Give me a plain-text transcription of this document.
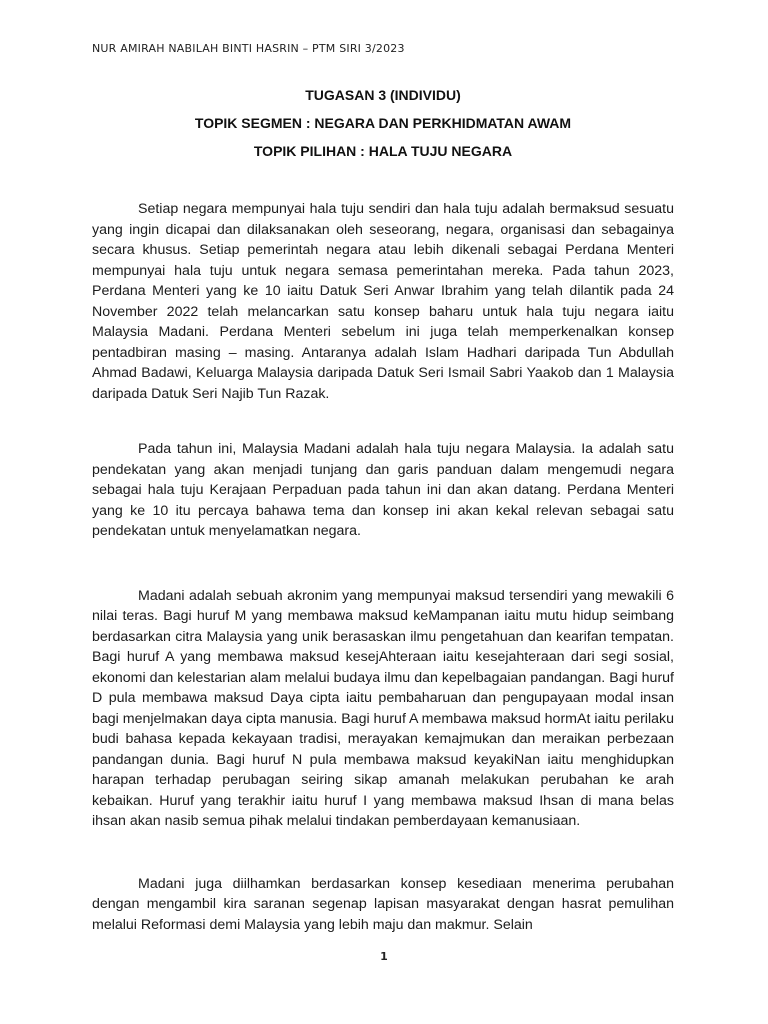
NUR AMIRAH NABILAH BINTI HASRIN – PTM SIRI 3/2023
TUGASAN 3 (INDIVIDU)
TOPIK SEGMEN : NEGARA DAN PERKHIDMATAN AWAM
TOPIK PILIHAN : HALA TUJU NEGARA

Setiap negara mempunyai hala tuju sendiri dan hala tuju adalah bermaksud sesuatu yang ingin dicapai dan dilaksanakan oleh seseorang, negara, organisasi dan sebagainya secara khusus. Setiap pemerintah negara atau lebih dikenali sebagai Perdana Menteri mempunyai hala tuju untuk negara semasa pemerintahan mereka. Pada tahun 2023, Perdana Menteri yang ke 10 iaitu Datuk Seri Anwar Ibrahim yang telah dilantik pada 24 November 2022 telah melancarkan satu konsep baharu untuk hala tuju negara iaitu Malaysia Madani. Perdana Menteri sebelum ini juga telah memperkenalkan konsep pentadbiran masing – masing. Antaranya adalah Islam Hadhari daripada Tun Abdullah Ahmad Badawi, Keluarga Malaysia daripada Datuk Seri Ismail Sabri Yaakob dan 1 Malaysia daripada Datuk Seri Najib Tun Razak.

Pada tahun ini, Malaysia Madani adalah hala tuju negara Malaysia. Ia adalah satu pendekatan yang akan menjadi tunjang dan garis panduan dalam mengemudi negara sebagai hala tuju Kerajaan Perpaduan pada tahun ini dan akan datang. Perdana Menteri yang ke 10 itu percaya bahawa tema dan konsep ini akan kekal relevan sebagai satu pendekatan untuk menyelamatkan negara.

Madani adalah sebuah akronim yang mempunyai maksud tersendiri yang mewakili 6 nilai teras. Bagi huruf M yang membawa maksud keMampanan iaitu mutu hidup seimbang berdasarkan citra Malaysia yang unik berasaskan ilmu pengetahuan dan kearifan tempatan. Bagi huruf A yang membawa maksud kesejAhteraan iaitu kesejahteraan dari segi sosial, ekonomi dan kelestarian alam melalui budaya ilmu dan kepelbagaian pandangan. Bagi huruf D pula membawa maksud Daya cipta iaitu pembaharuan dan pengupayaan modal insan bagi menjelmakan daya cipta manusia. Bagi huruf A membawa maksud hormAt iaitu perilaku budi bahasa kepada kekayaan tradisi, merayakan kemajmukan dan meraikan perbezaan pandangan dunia. Bagi huruf N pula membawa maksud keyakiNan iaitu menghidupkan harapan terhadap perubagan seiring sikap amanah melakukan perubahan ke arah kebaikan. Huruf yang terakhir iaitu huruf I yang membawa maksud Ihsan di mana belas ihsan akan nasib semua pihak melalui tindakan pemberdayaan kemanusiaan.

Madani juga diilhamkan berdasarkan konsep kesediaan menerima perubahan dengan mengambil kira saranan segenap lapisan masyarakat dengan hasrat pemulihan melalui Reformasi demi Malaysia yang lebih maju dan makmur. Selain

1
